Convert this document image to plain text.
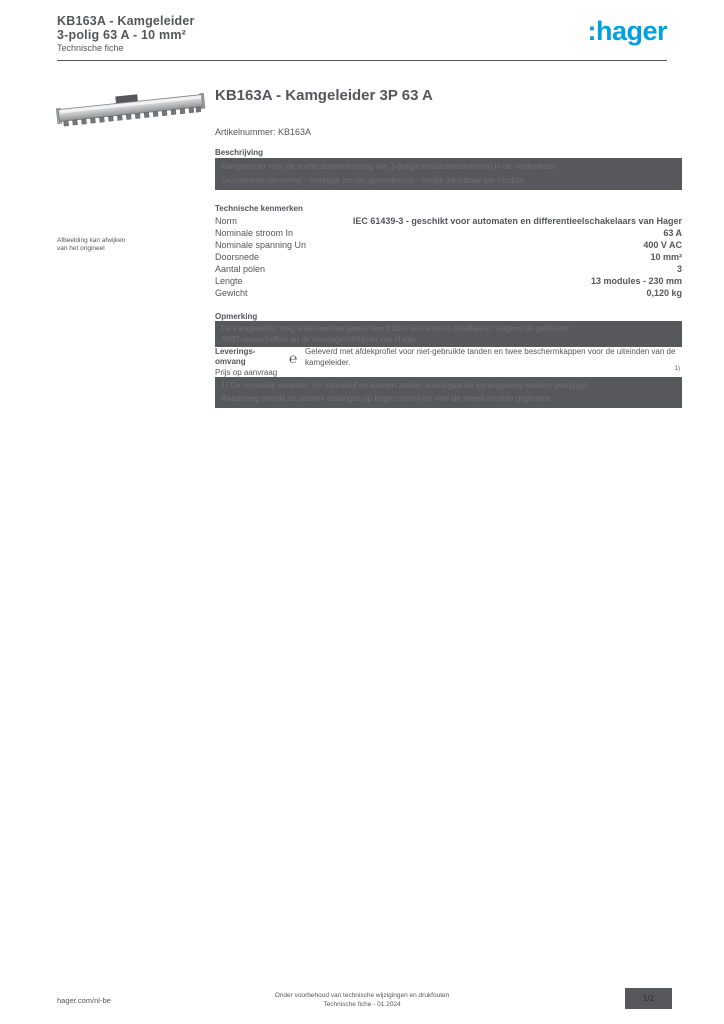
KB163A - Kamgeleider
3-polig 63 A - 10 mm²
Technische fiche
:hager
Afbeelding kan afwijken
van het origineel
KB163A - Kamgeleider 3P 63 A
Artikelnummer: KB163A
Beschrijving
Kamgeleider voor de snelle doorverbinding van 3-polige installatieautomaten in de verdeelkast.
Geïsoleerde uitvoering - montage zonder gereedschap - lengte inkortbaar per module.
Technische kenmerken
Norm	IEC 61439-3 - geschikt voor automaten en differentieelschakelaars van Hager
Nominale stroom In	63 A
Nominale spanning Un	400 V AC
Doorsnede	10 mm²
Aantal polen	3
Lengte	13 modules - 230 mm
Gewicht	0,120 kg
Opmerking
De kamgeleider mag enkel worden gemonteerd door een erkend installateur, volgens de geldende
AREI-voorschriften en de montagerichtlijnen van Hager.
Leverings-
omvang	℮ Geleverd met afdekprofiel voor niet-gebruikte tanden en twee beschermkappen voor de uiteinden van de kamgeleider.
Prijs op aanvraag	1)
1) De vermelde waarden zijn indicatief en kunnen zonder voorafgaande kennisgeving worden gewijzigd.
Raadpleeg steeds de actuele catalogus op hager.com/nl-be voor de meest recente gegevens.
hager.com/nl-be
Onder voorbehoud van technische wijzigingen en drukfouten
Technische fiche - 01.2024
1/2
